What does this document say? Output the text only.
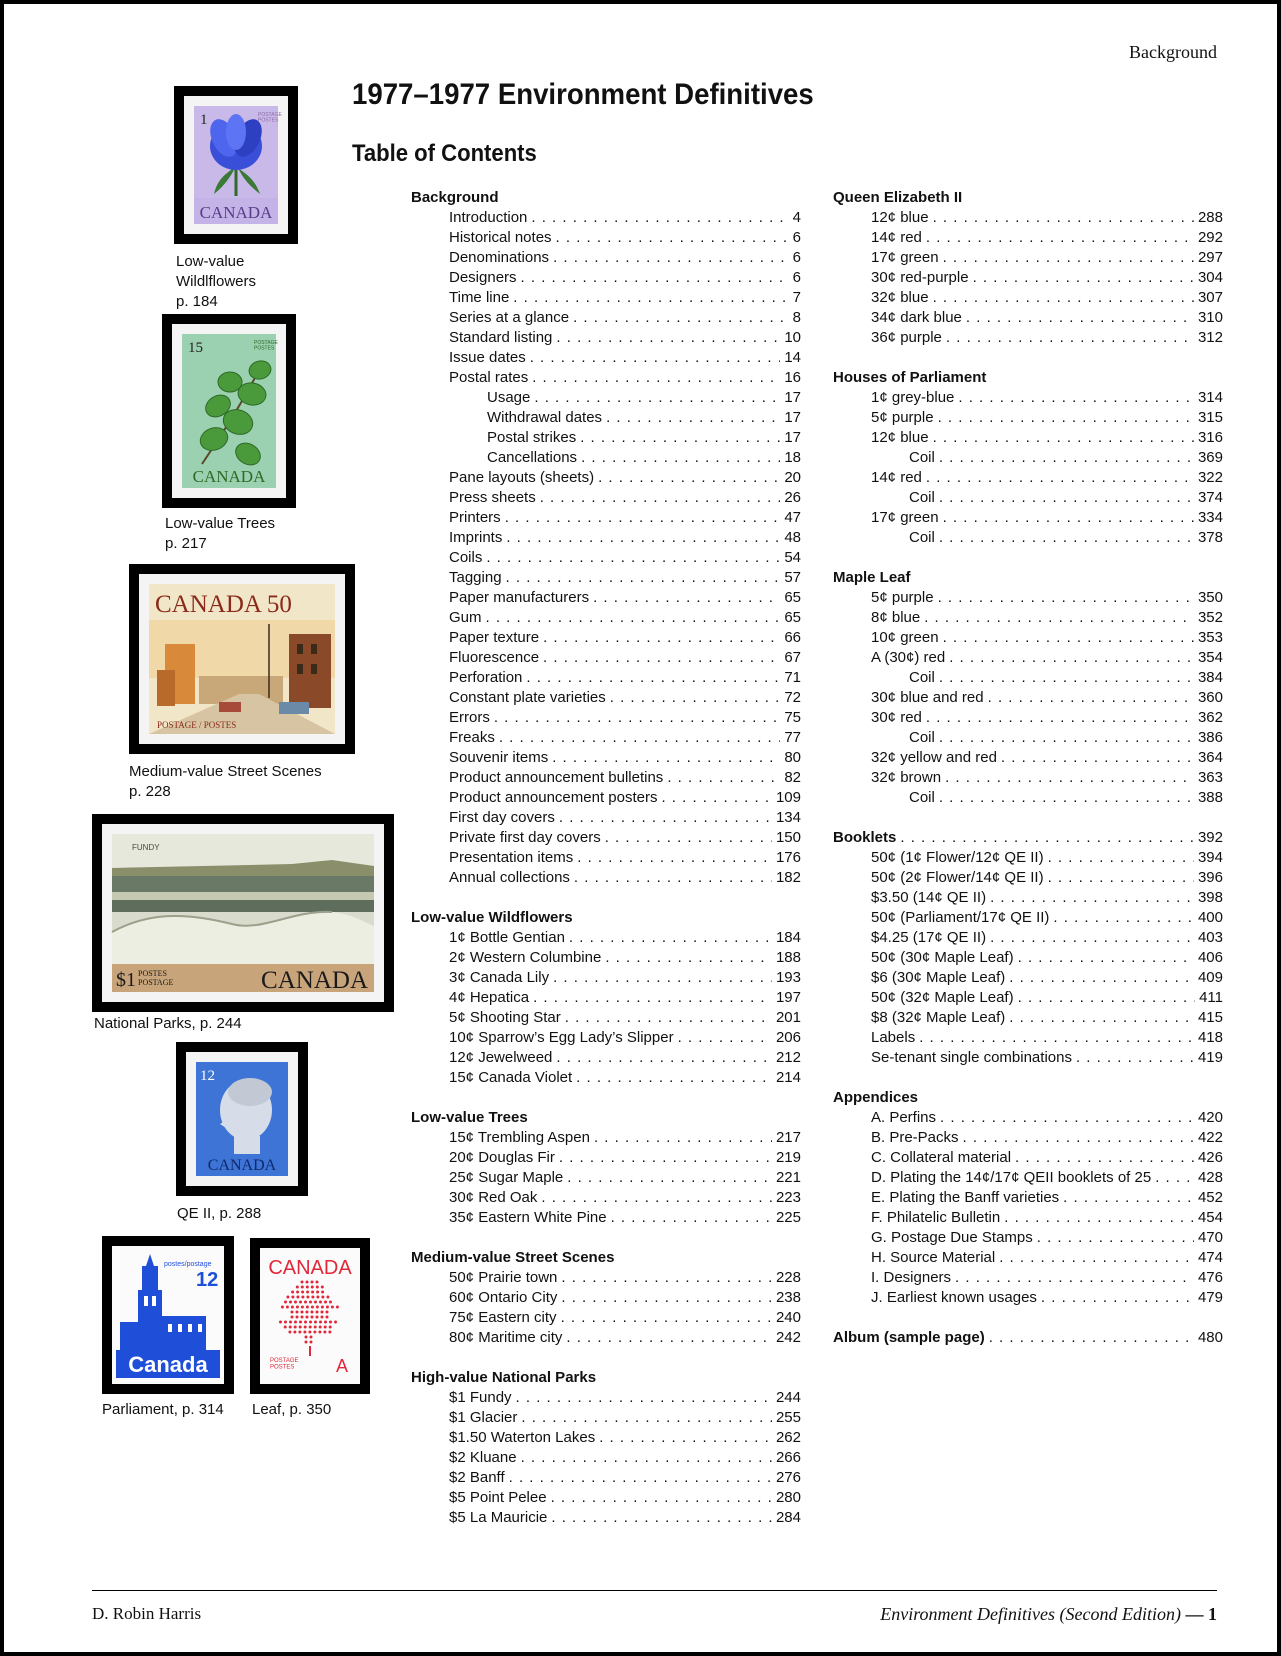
Background
1977–1977 Environment Definitives
Table of Contents
1	POSTAGE POSTES
CANADA
Low-value
Wildlflowers
p. 184
15	POSTAGE POSTES
CANADA
Low-value Trees
p. 217
CANADA 50
POSTAGE / POSTES
Medium-value Street Scenes
p. 228
FUNDY
$1 POSTES POSTAGE	CANADA
National Parks, p. 244
12
CANADA
QE II, p. 288
postes/postage
12
Canada
Parliament, p. 314
CANADA
POSTAGE POSTES A
Leaf, p. 350
Background
Introduction . . .	4
Historical notes . . .	6
Denominations . . .	6
Designers . . .	6
Time line . . .	7
Series at a glance . . .	8
Standard listing . . .	10
Issue dates . . .	14
Postal rates . . .	16
Usage . . .	17
Withdrawal dates . . .	17
Postal strikes . . .	17
Cancellations . . .	18
Pane layouts (sheets) . . .	20
Press sheets . . .	26
Printers . . .	47
Imprints . . .	48
Coils . . .	54
Tagging . . .	57
Paper manufacturers . . .	65
Gum . . .	65
Paper texture . . .	66
Fluorescence . . .	67
Perforation . . .	71
Constant plate varieties . . .	72
Errors . . .	75
Freaks . . .	77
Souvenir items . . .	80
Product announcement bulletins . . .	82
Product announcement posters . . .	109
First day covers . . .	134
Private first day covers . . .	150
Presentation items . . .	176
Annual collections . . .	182
Low-value Wildflowers
1¢ Bottle Gentian . . .	184
2¢ Western Columbine . . .	188
3¢ Canada Lily . . .	193
4¢ Hepatica . . .	197
5¢ Shooting Star . . .	201
10¢ Sparrow’s Egg Lady’s Slipper . . .	206
12¢ Jewelweed . . .	212
15¢ Canada Violet . . .	214
Low-value Trees
15¢ Trembling Aspen . . .	217
20¢ Douglas Fir . . .	219
25¢ Sugar Maple . . .	221
30¢ Red Oak . . .	223
35¢ Eastern White Pine . . .	225
Medium-value Street Scenes
50¢ Prairie town . . .	228
60¢ Ontario City . . .	238
75¢ Eastern city . . .	240
80¢ Maritime city . . .	242
High-value National Parks
$1 Fundy . . .	244
$1 Glacier . . .	255
$1.50 Waterton Lakes . . .	262
$2 Kluane . . .	266
$2 Banff . . .	276
$5 Point Pelee . . .	280
$5 La Mauricie . . .	284
Queen Elizabeth II
12¢ blue . . .	288
14¢ red . . .	292
17¢ green . . .	297
30¢ red-purple . . .	304
32¢ blue . . .	307
34¢ dark blue . . .	310
36¢ purple . . .	312
Houses of Parliament
1¢ grey-blue . . .	314
5¢ purple . . .	315
12¢ blue . . .	316
Coil . . .	369
14¢ red . . .	322
Coil . . .	374
17¢ green . . .	334
Coil . . .	378
Maple Leaf
5¢ purple . . .	350
8¢ blue . . .	352
10¢ green . . .	353
A (30¢) red . . .	354
Coil . . .	384
30¢ blue and red . . .	360
30¢ red . . .	362
Coil . . .	386
32¢ yellow and red . . .	364
32¢ brown . . .	363
Coil . . .	388
Booklets . . .	392
50¢ (1¢ Flower/12¢ QE II) . . .	394
50¢ (2¢ Flower/14¢ QE II) . . .	396
$3.50 (14¢ QE II) . . .	398
50¢ (Parliament/17¢ QE II) . . .	400
$4.25 (17¢ QE II) . . .	403
50¢ (30¢ Maple Leaf) . . .	406
$6 (30¢ Maple Leaf) . . .	409
50¢ (32¢ Maple Leaf) . . .	411
$8 (32¢ Maple Leaf) . . .	415
Labels . . .	418
Se-tenant single combinations . . .	419
Appendices
A. Perfins . . .	420
B. Pre-Packs . . .	422
C. Collateral material . . .	426
D. Plating the 14¢/17¢ QEII booklets of 25 . . .	428
E. Plating the Banff varieties . . .	452
F. Philatelic Bulletin . . .	454
G. Postage Due Stamps . . .	470
H. Source Material . . .	474
I. Designers . . .	476
J. Earliest known usages . . .	479
Album (sample page) . . .	480
D. Robin Harris	Environment Definitives (Second Edition) — 1
